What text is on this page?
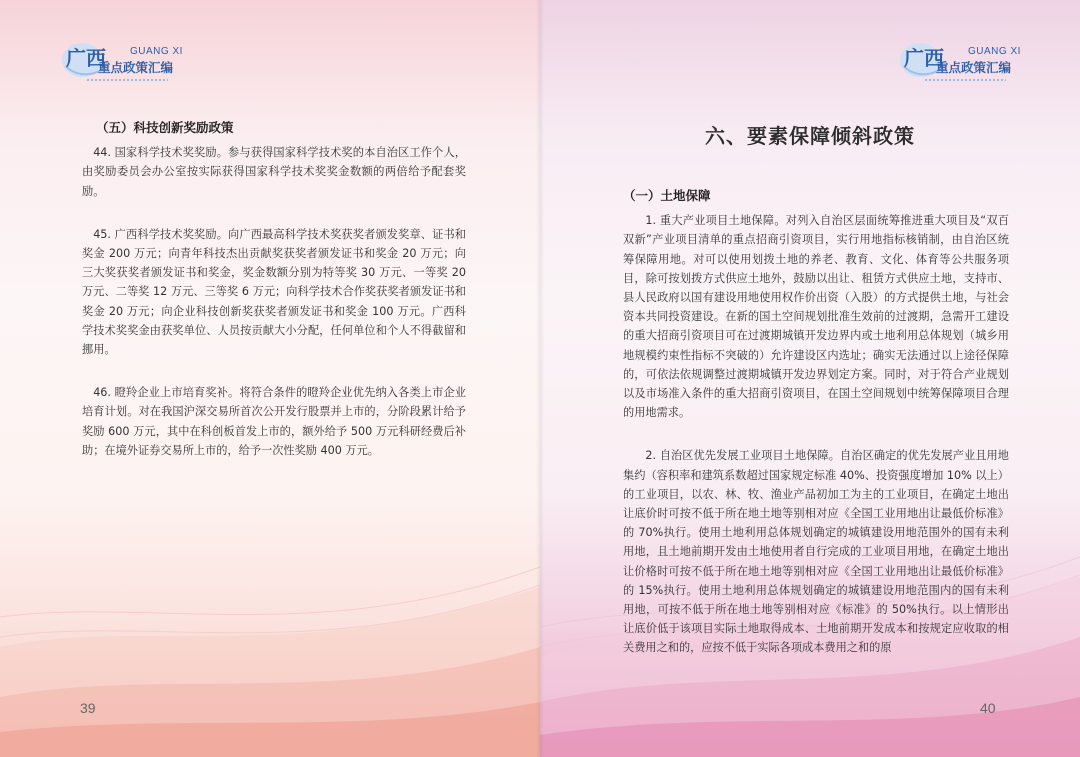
广西 GUANG XI
重点政策汇编	广西 GUANG XI
重点政策汇编
（五）科技创新奖励政策

44. 国家科学技术奖奖励。参与获得国家科学技术奖的本自治区工作个人，由奖励委员会办公室按实际获得国家科学技术奖奖金数额的两倍给予配套奖励。

45. 广西科学技术奖奖励。向广西最高科学技术奖获奖者颁发奖章、证书和奖金 200 万元；向青年科技杰出贡献奖获奖者颁发证书和奖金 20 万元；向三大奖获奖者颁发证书和奖金，奖金数额分别为特等奖 30 万元、一等奖 20 万元、二等奖 12 万元、三等奖 6 万元；向科学技术合作奖获奖者颁发证书和奖金 20 万元；向企业科技创新奖获奖者颁发证书和奖金 100 万元。广西科学技术奖奖金由获奖单位、人员按贡献大小分配，任何单位和个人不得截留和挪用。

46. 瞪羚企业上市培育奖补。将符合条件的瞪羚企业优先纳入各类上市企业培育计划。对在我国沪深交易所首次公开发行股票并上市的，分阶段累计给予奖励 600 万元，其中在科创板首发上市的，额外给予 500 万元科研经费后补助；在境外证券交易所上市的，给予一次性奖励 400 万元。

39
六、要素保障倾斜政策
（一）土地保障

1. 重大产业项目土地保障。对列入自治区层面统筹推进重大项目及“双百双新”产业项目清单的重点招商引资项目，实行用地指标核销制，由自治区统筹保障用地。对可以使用划拨土地的养老、教育、文化、体育等公共服务项目，除可按划拨方式供应土地外，鼓励以出让、租赁方式供应土地，支持市、县人民政府以国有建设用地使用权作价出资（入股）的方式提供土地，与社会资本共同投资建设。在新的国土空间规划批准生效前的过渡期，急需开工建设的重大招商引资项目可在过渡期城镇开发边界内或土地利用总体规划（城乡用地规模约束性指标不突破的）允许建设区内选址；确实无法通过以上途径保障的，可依法依规调整过渡期城镇开发边界划定方案。同时，对于符合产业规划以及市场准入条件的重大招商引资项目，在国土空间规划中统筹保障项目合理的用地需求。

2. 自治区优先发展工业项目土地保障。自治区确定的优先发展产业且用地集约（容积率和建筑系数超过国家规定标准 40%、投资强度增加 10% 以上）的工业项目，以农、林、牧、渔业产品初加工为主的工业项目，在确定土地出让底价时可按不低于所在地土地等别相对应《全国工业用地出让最低价标准》的 70%执行。使用土地利用总体规划确定的城镇建设用地范围外的国有未利用地，且土地前期开发由土地使用者自行完成的工业项目用地，在确定土地出让价格时可按不低于所在地土地等别相对应《全国工业用地出让最低价标准》的 15%执行。使用土地利用总体规划确定的城镇建设用地范围内的国有未利用地，可按不低于所在地土地等别相对应《标准》的 50%执行。以上情形出让底价低于该项目实际土地取得成本、土地前期开发成本和按规定应收取的相关费用之和的，应按不低于实际各项成本费用之和的原

40
